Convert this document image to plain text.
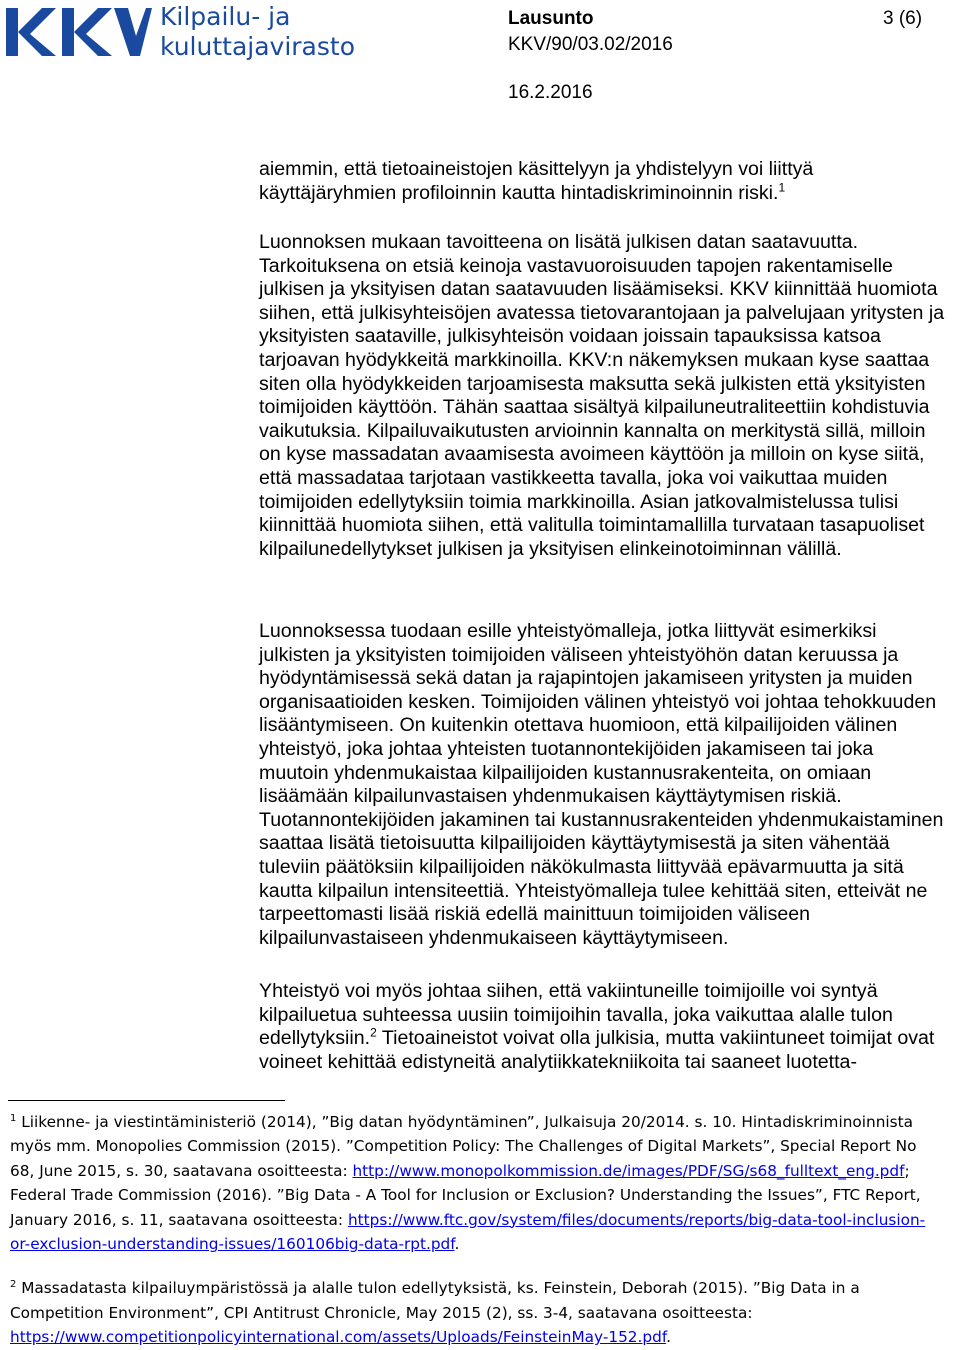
Kilpailu- ja
kuluttajavirasto
Lausunto	3 (6)
KKV/90/03.02/2016
16.2.2016

aiemmin, että tietoaineistojen käsittelyyn ja yhdistelyyn voi liittyä käyttäjäryhmien profiloinnin kautta hintadiskriminoinnin riski.$^1$

Luonnoksen mukaan tavoitteena on lisätä julkisen datan saatavuutta. Tarkoituksena on etsiä keinoja vastavuoroisuuden tapojen rakentamiselle julkisen ja yksityisen datan saatavuuden lisäämiseksi. KKV kiinnittää huomiota siihen, että julkisyhteisöjen avatessa tietovarantojaan ja palvelujaan yritysten ja yksityisten saataville, julkisyhteisön voidaan joissain tapauksissa katsoa tarjoavan hyödykkeitä markkinoilla. KKV:n näkemyksen mukaan kyse saattaa siten olla hyödykkeiden tarjoamisesta maksutta sekä julkisten että yksityisten toimijoiden käyttöön. Tähän saattaa sisältyä kilpailuneutraliteettiin kohdistuvia vaikutuksia. Kilpailuvaikutusten arvioinnin kannalta on merkitystä sillä, milloin on kyse massadatan avaamisesta avoimeen käyttöön ja milloin on kyse siitä, että massadataa tarjotaan vastikkeetta tavalla, joka voi vaikuttaa muiden toimijoiden edellytyksiin toimia markkinoilla. Asian jatkovalmistelussa tulisi kiinnittää huomiota siihen, että valitulla toimintamallilla turvataan tasapuoliset kilpailunedellytykset julkisen ja yksityisen elinkeinotoiminnan välillä.

Luonnoksessa tuodaan esille yhteistyömalleja, jotka liittyvät esimerkiksi julkisten ja yksityisten toimijoiden väliseen yhteistyöhön datan keruussa ja hyödyntämisessä sekä datan ja rajapintojen jakamiseen yritysten ja muiden organisaatioiden kesken. Toimijoiden välinen yhteistyö voi johtaa tehokkuuden lisääntymiseen. On kuitenkin otettava huomioon, että kilpailijoiden välinen yhteistyö, joka johtaa yhteisten tuotannontekijöiden jakamiseen tai joka muutoin yhdenmukaistaa kilpailijoiden kustannusrakenteita, on omiaan lisäämään kilpailunvastaisen yhdenmukaisen käyttäytymisen riskiä. Tuotannontekijöiden jakaminen tai kustannusrakenteiden yhdenmukaistaminen saattaa lisätä tietoisuutta kilpailijoiden käyttäytymisestä ja siten vähentää tuleviin päätöksiin kilpailijoiden näkökulmasta liittyvää epävarmuutta ja sitä kautta kilpailun intensiteettiä. Yhteistyömalleja tulee kehittää siten, etteivät ne tarpeettomasti lisää riskiä edellä mainittuun toimijoiden väliseen kilpailunvastaiseen yhdenmukaiseen käyttäytymiseen.

Yhteistyö voi myös johtaa siihen, että vakiintuneille toimijoille voi syntyä kilpailuetua suhteessa uusiin toimijoihin tavalla, joka vaikuttaa alalle tulon edellytyksiin.$^2$ Tietoaineistot voivat olla julkisia, mutta vakiintuneet toimijat ovat voineet kehittää edistyneitä analytiikkatekniikoita tai saaneet luotetta-

$^1$ Liikenne- ja viestintäministeriö (2014), ”Big datan hyödyntäminen”, Julkaisuja 20/2014. s. 10. Hintadiskriminoinnista myös mm. Monopolies Commission (2015). ”Competition Policy: The Challenges of Digital Markets”, Special Report No 68, June 2015, s. 30, saatavana osoitteesta: http://www.monopolkommission.de/images/PDF/SG/s68_fulltext_eng.pdf; Federal Trade Commission (2016). ”Big Data - A Tool for Inclusion or Exclusion? Understanding the Issues”, FTC Report, January 2016, s. 11, saatavana osoitteesta: https://www.ftc.gov/system/files/documents/reports/big-data-tool-inclusion-or-exclusion-understanding-issues/160106big-data-rpt.pdf.

$^2$ Massadatasta kilpailuympäristössä ja alalle tulon edellytyksistä, ks. Feinstein, Deborah (2015). ”Big Data in a Competition Environment”, CPI Antitrust Chronicle, May 2015 (2), ss. 3-4, saatavana osoitteesta: https://www.competitionpolicyinternational.com/assets/Uploads/FeinsteinMay-152.pdf.
